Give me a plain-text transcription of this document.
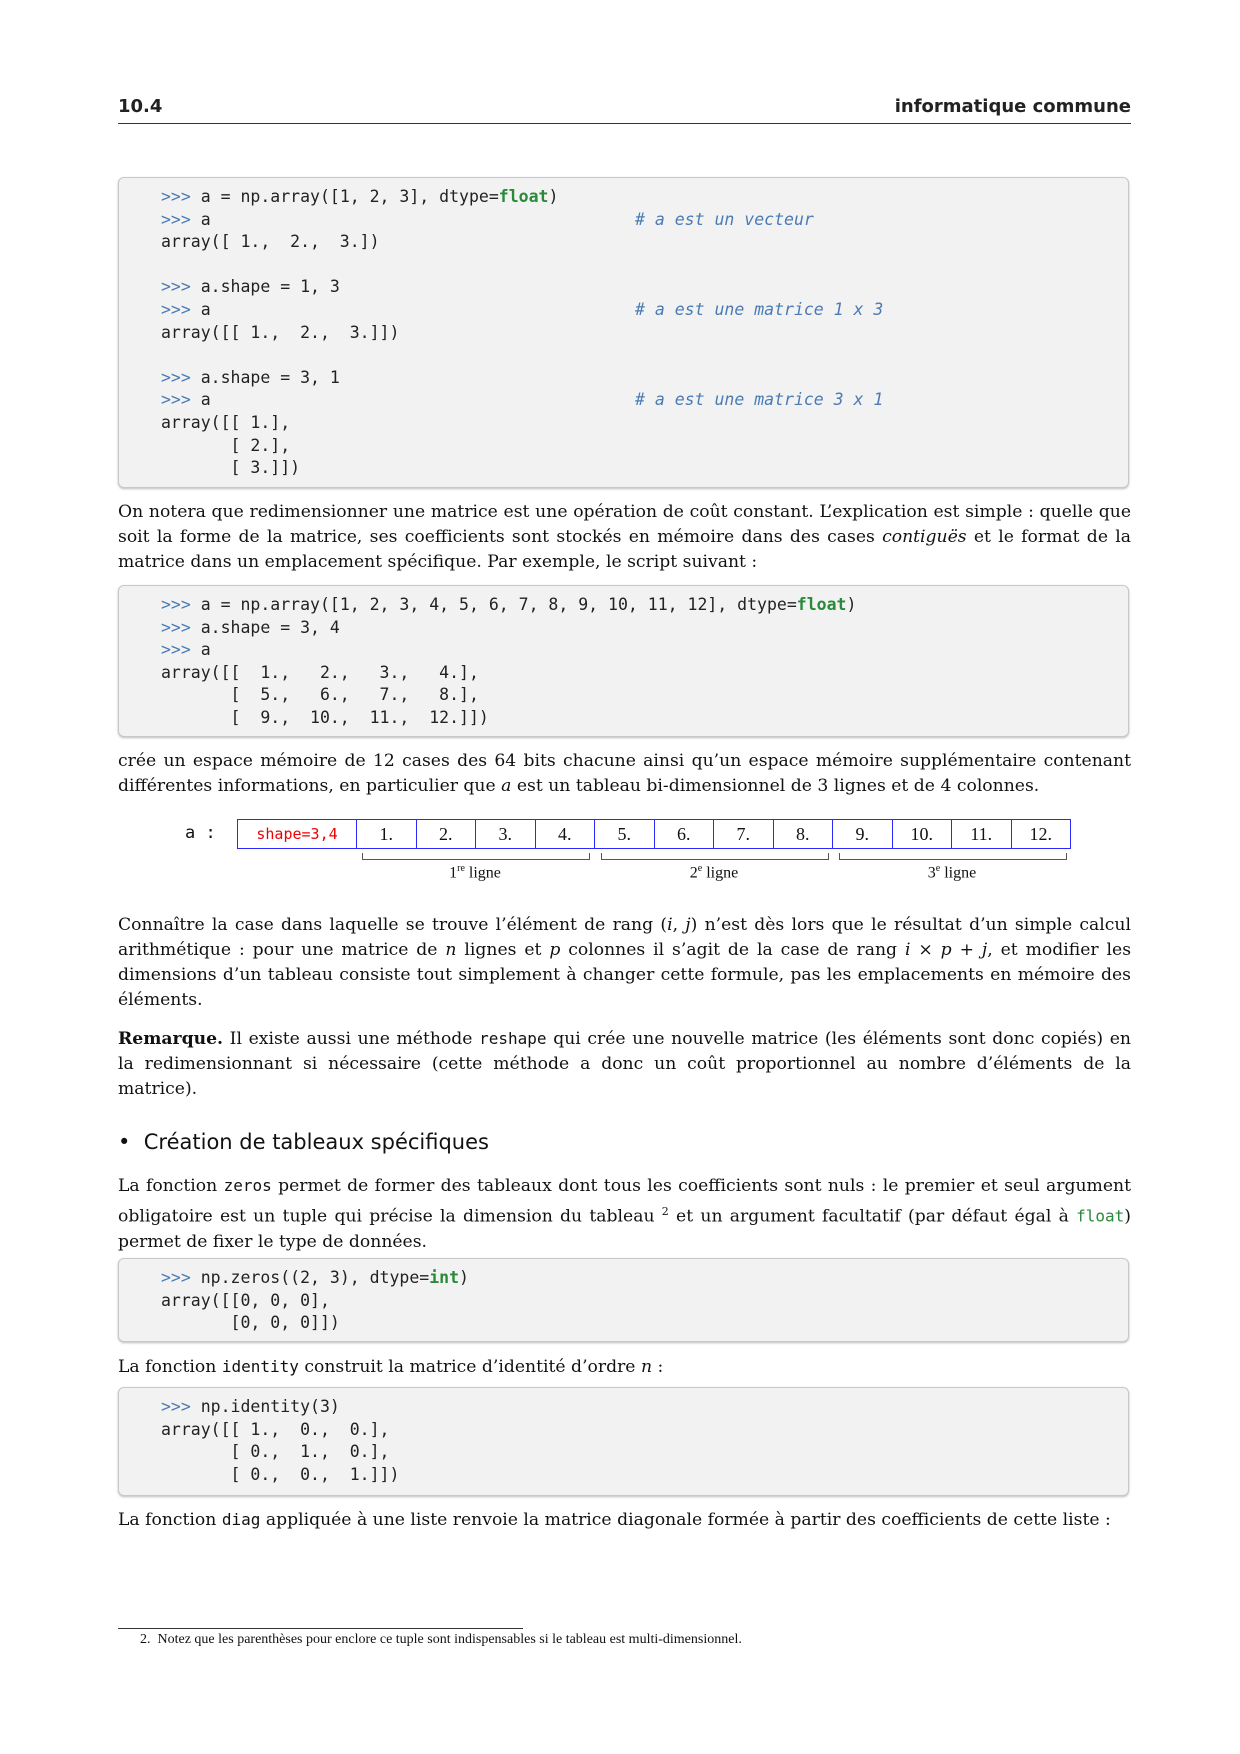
10.4	informatique commune
>>> a = np.array([1, 2, 3], dtype=float)
>>> a	# a est un vecteur
array([ 1.,  2.,  3.])
>>> a.shape = 1, 3
>>> a	# a est une matrice 1 x 3
array([[ 1.,  2.,  3.]])
>>> a.shape = 3, 1
>>> a	# a est une matrice 3 x 1
array([[ 1.],
[ 2.],
[ 3.]])
On notera que redimensionner une matrice est une opération de coût constant. L’explication est simple : quelle que soit la forme de la matrice, ses coefficients sont stockés en mémoire dans des cases contiguës et le format de la matrice dans un emplacement spécifique. Par exemple, le script suivant :
>>> a = np.array([1, 2, 3, 4, 5, 6, 7, 8, 9, 10, 11, 12], dtype=float)
>>> a.shape = 3, 4
>>> a
array([[  1.,   2.,   3.,   4.],
[  5.,   6.,   7.,   8.],
[  9.,  10.,  11.,  12.]])
crée un espace mémoire de 12 cases des 64 bits chacune ainsi qu’un espace mémoire supplémentaire contenant différentes informations, en particulier que a est un tableau bi-dimensionnel de 3 lignes et de 4 colonnes.
a :	shape=3,4	1.	2.	3.	4.	5.	6.	7.	8.	9.	10.	11.	12.
1re ligne	2e ligne	3e ligne
Connaître la case dans laquelle se trouve l’élément de rang (i, j) n’est dès lors que le résultat d’un simple calcul arithmétique : pour une matrice de n lignes et p colonnes il s’agit de la case de rang i × p + j, et modifier les dimensions d’un tableau consiste tout simplement à changer cette formule, pas les emplacements en mémoire des éléments.
Remarque. Il existe aussi une méthode reshape qui crée une nouvelle matrice (les éléments sont donc copiés) en la redimensionnant si nécessaire (cette méthode a donc un coût proportionnel au nombre d’éléments de la matrice).
• Création de tableaux spécifiques
La fonction zeros permet de former des tableaux dont tous les coefficients sont nuls : le premier et seul argument obligatoire est un tuple qui précise la dimension du tableau $^2$ et un argument facultatif (par défaut égal à float) permet de fixer le type de données.
>>> np.zeros((2, 3), dtype=int)
array([[0, 0, 0],
[0, 0, 0]])
La fonction identity construit la matrice d’identité d’ordre n :
>>> np.identity(3)
array([[ 1.,  0.,  0.],
[ 0.,  1.,  0.],
[ 0.,  0.,  1.]])
La fonction diag appliquée à une liste renvoie la matrice diagonale formée à partir des coefficients de cette liste :
2. Notez que les parenthèses pour enclore ce tuple sont indispensables si le tableau est multi-dimensionnel.
